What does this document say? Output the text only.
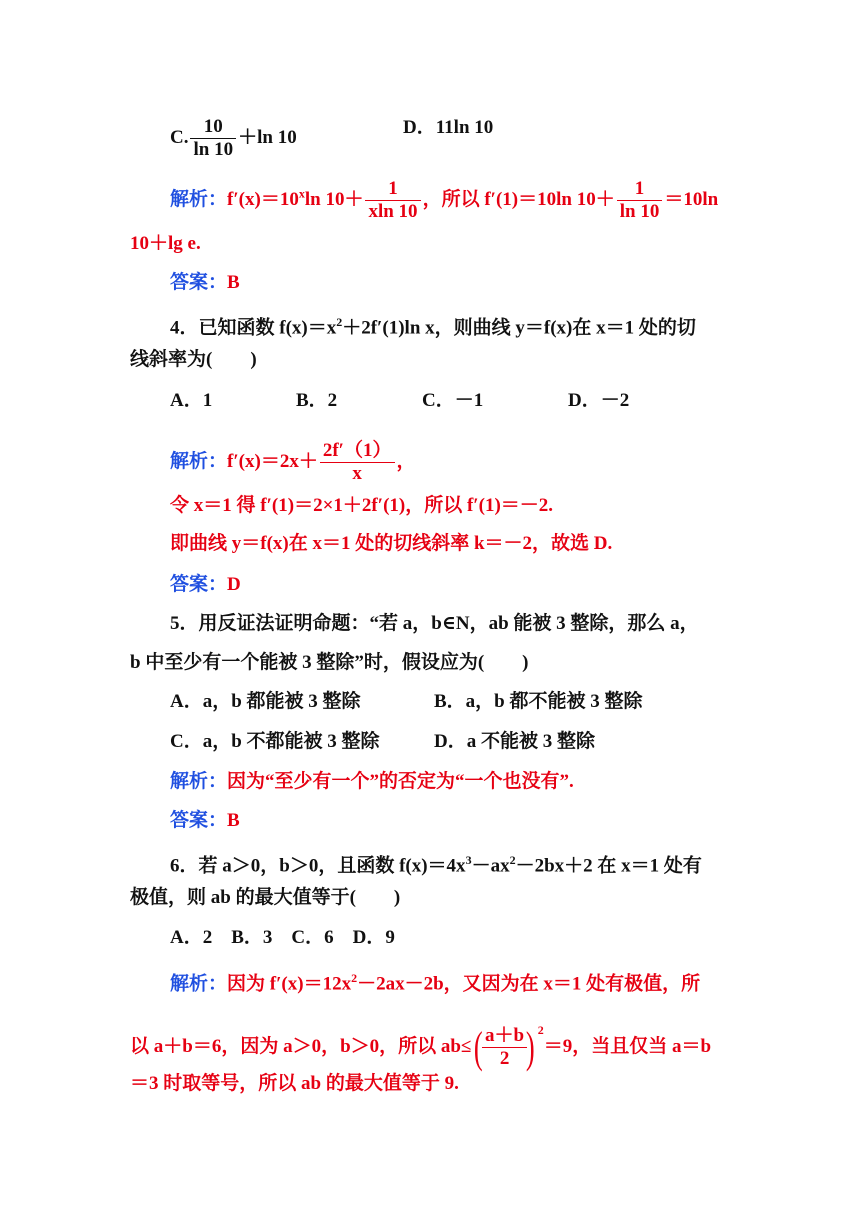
C. $\frac{10}{\ln 10} +\ln$ 10	D．11ln 10
解析：$f'(x)=10^x\ln$ $10+ \frac{1}{xln 10}$ ，所以 f′(1)＝10ln $10+ \frac{1}{\ln 10} =10\ln$
10＋lg e.
答案：B
4．已知函数 $f(x)=x^2+2f'(1)\ln$ x，则曲线 y＝f(x)在 x＝1 处的切
线斜率为(　　)
A．1	B．2	C．－1	D．－2
解析：$f'(x)=2x+ \frac{2f'(1)}{x}$ ，
令 x＝1 得 f′(1)＝2×1＋2f′(1)，所以 f′(1)＝－2.
即曲线 y＝f(x)在 x＝1 处的切线斜率 k＝－2，故选 D.
答案：D
5．用反证法证明命题：“若 a，b∈N，ab 能被 3 整除，那么 a，
b 中至少有一个能被 3 整除”时，假设应为(　　)
A．a，b 都能被 3 整除	B．a，b 都不能被 3 整除
C．a，b 不都能被 3 整除	D．a 不能被 3 整除
解析：因为“至少有一个”的否定为“一个也没有”.
答案：B
6．若 a＞0，b＞0，且函数 $f(x)=4x^3-ax^2-2bx+2$ 在 x＝1 处有
极值，则 ab 的最大值等于(　　)
A．2　B．3　C．6　D．9
解析：因为 $f'(x)=12x^2-2ax-2b$，又因为在 x＝1 处有极值，所
以 a＋b＝6，因为 a＞0，b＞0，所以 ab≤(
$\frac{a+b}{2}$
) $^2$＝9，当且仅当 a＝b
＝3 时取等号，所以 ab 的最大值等于 9.
